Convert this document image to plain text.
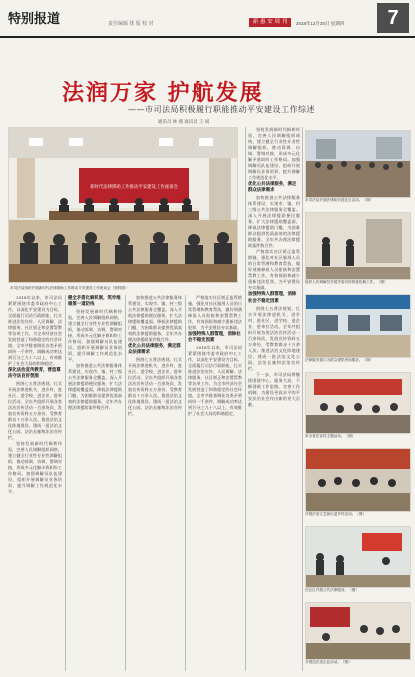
特别报道	责任编辑 排 版 校 对	新 惠 安 周 刊	2018年12月20日 星期四	7
法润万家 护航发展
——市司法局积极履行职能推动平安建设工作综述
通讯员 林 燕 通讯员 王 斌
新时代法律援助工作推动平安建设工作座谈会
市司法局组织开展新时代法律援助工作推动平安建设工作座谈会（资料图）

2018年以来，市司法局紧紧围绕市委市政府中心工作，以深化平安建设为目标，全面履行司法行政职能，扎实推进法治宣传、人民调解、法律服务、社区矫正和安置帮教等各项工作，为全市经济社会发展营造了和谐稳定的社会环境。全市共排查调处各类矛盾纠纷一千余件，调解成功率达到百分之九十八以上，有效维护了社会大局的和谐稳定。

深化法治宣传教育，营造尊法守法良好氛围

围绕七五普法规划，扎实开展法律进机关、进乡村、进社区、进学校、进企业、进单位活动，全年共组织开展各类法治宣传活动一百余场次，发放宣传资料五万余份，受教育群众十万余人次。推进法治文化阵地建设，建成一批法治文化公园、法治长廊和法治宣传栏。

坚持发展新时代枫桥经验，完善人民调解组织网络，建立健全行业性专业性调解组织，推动诉调、访调、警调对接，形成多元化解矛盾纠纷工作格局。加强调解员队伍建设，组织开展调解员业务培训，提升调解工作规范化水平。

健全矛盾化解机制，筑牢维稳第一道防线

坚持发展新时代枫桥经验，完善人民调解组织网络，建立健全行业性专业性调解组织，推动诉调、访调、警调对接，形成多元化解矛盾纠纷工作格局。加强调解员队伍建设，组织开展调解员业务培训，提升调解工作规范化水平。

加快推进公共法律服务体系建设，实现市、镇、村三级公共法律服务全覆盖。深入开展法律援助便民服务，扩大法律援助覆盖面，降低法律援助门槛，为困难群众提供优质高效的法律援助服务，全年共办理法律援助案件数百件。

加快推进公共法律服务体系建设，实现市、镇、村三级公共法律服务全覆盖。深入开展法律援助便民服务，扩大法律援助覆盖面，降低法律援助门槛，为困难群众提供优质高效的法律援助服务，全年共办理法律援助案件数百件。

优化公共法律服务，满足群众法律需求

围绕七五普法规划，扎实开展法律进机关、进乡村、进社区、进学校、进企业、进单位活动，全年共组织开展各类法治宣传活动一百余场次，发放宣传资料五万余份，受教育群众十万余人次。推进法治文化阵地建设，建成一批法治文化公园、法治长廊和法治宣传栏。

严格落实社区矫正监管措施，强化对社区服刑人员的日常管理和教育帮扶，做好刑满释放人员衔接和安置帮教工作，有效预防和减少重新违法犯罪，为平安建设夯实基础。

加强特殊人群管理，消除社会不稳定因素

2018年以来，市司法局紧紧围绕市委市政府中心工作，以深化平安建设为目标，全面履行司法行政职能，扎实推进法治宣传、人民调解、法律服务、社区矫正和安置帮教等各项工作，为全市经济社会发展营造了和谐稳定的社会环境。全市共排查调处各类矛盾纠纷一千余件，调解成功率达到百分之九十八以上，有效维护了社会大局的和谐稳定。

坚持发展新时代枫桥经验，完善人民调解组织网络，建立健全行业性专业性调解组织，推动诉调、访调、警调对接，形成多元化解矛盾纠纷工作格局。加强调解员队伍建设，组织开展调解员业务培训，提升调解工作规范化水平。

优化公共法律服务，满足群众法律需求

加快推进公共法律服务体系建设，实现市、镇、村三级公共法律服务全覆盖。深入开展法律援助便民服务，扩大法律援助覆盖面，降低法律援助门槛，为困难群众提供优质高效的法律援助服务，全年共办理法律援助案件数百件。

严格落实社区矫正监管措施，强化对社区服刑人员的日常管理和教育帮扶，做好刑满释放人员衔接和安置帮教工作，有效预防和减少重新违法犯罪，为平安建设夯实基础。

加强特殊人群管理，消除社会不稳定因素

围绕七五普法规划，扎实开展法律进机关、进乡村、进社区、进学校、进企业、进单位活动，全年共组织开展各类法治宣传活动一百余场次，发放宣传资料五万余份，受教育群众十万余人次。推进法治文化阵地建设，建成一批法治文化公园、法治长廊和法治宣传栏。

下一步，市司法局将继续围绕中心、服务大局，不断创新工作思路，完善工作机制，为建设更高水平的平安法治社会作出新的更大贡献。

市司法局开展法律知识进社区活动。（图）
组织人民调解员开展矛盾纠纷排查化解工作。（图）
法律服务窗口为群众提供咨询服务。（图）
举办普法宣传主题活动。（图）
开展法治文艺演出进乡村活动。（图）
在社区开展公共法律服务。（图）
开展送法进企业活动。（图）
